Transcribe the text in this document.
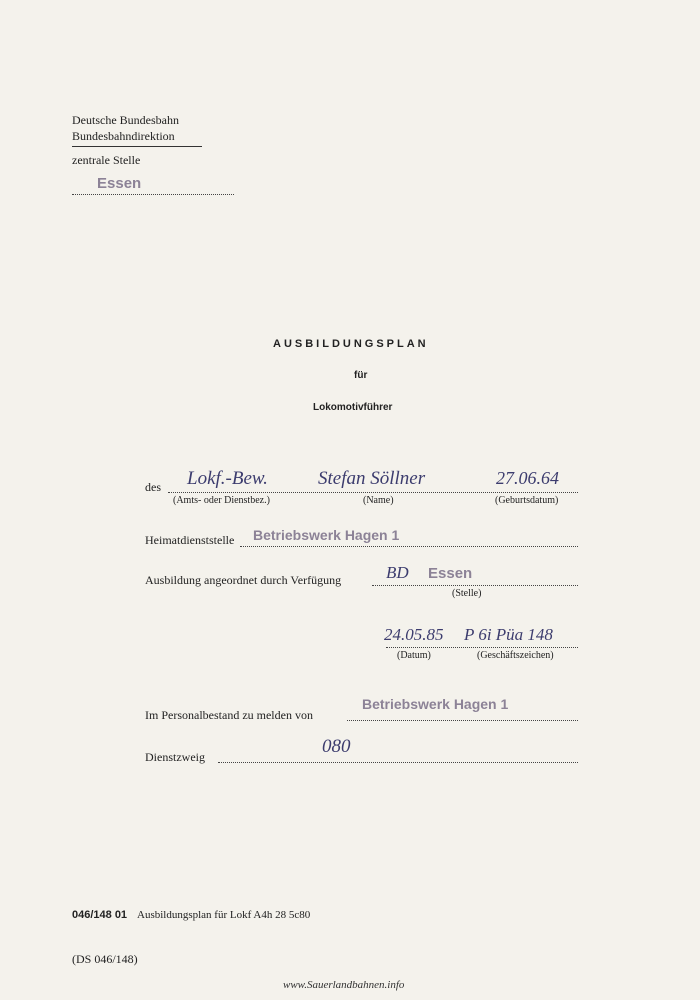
Deutsche Bundesbahn
Bundesbahndirektion
zentrale Stelle
Essen
AUSBILDUNGSPLAN
für
Lokomotivführer
des Lokf.-Bew.	Stefan Söllner	27.06.64
(Amts- oder Dienstbez.)	(Name)	(Geburtsdatum)
Heimatdienststelle Betriebswerk Hagen 1
Ausbildung angeordnet durch Verfügung	BD Essen
(Stelle)
24.05.85 P 6i Püa 148
(Datum)	(Geschäftszeichen)
Im Personalbestand zu melden von
Betriebswerk Hagen 1
Dienstzweig	080
046/148 01 Ausbildungsplan für Lokf A4h 28 5c80
(DS 046/148)
www.Sauerlandbahnen.info
